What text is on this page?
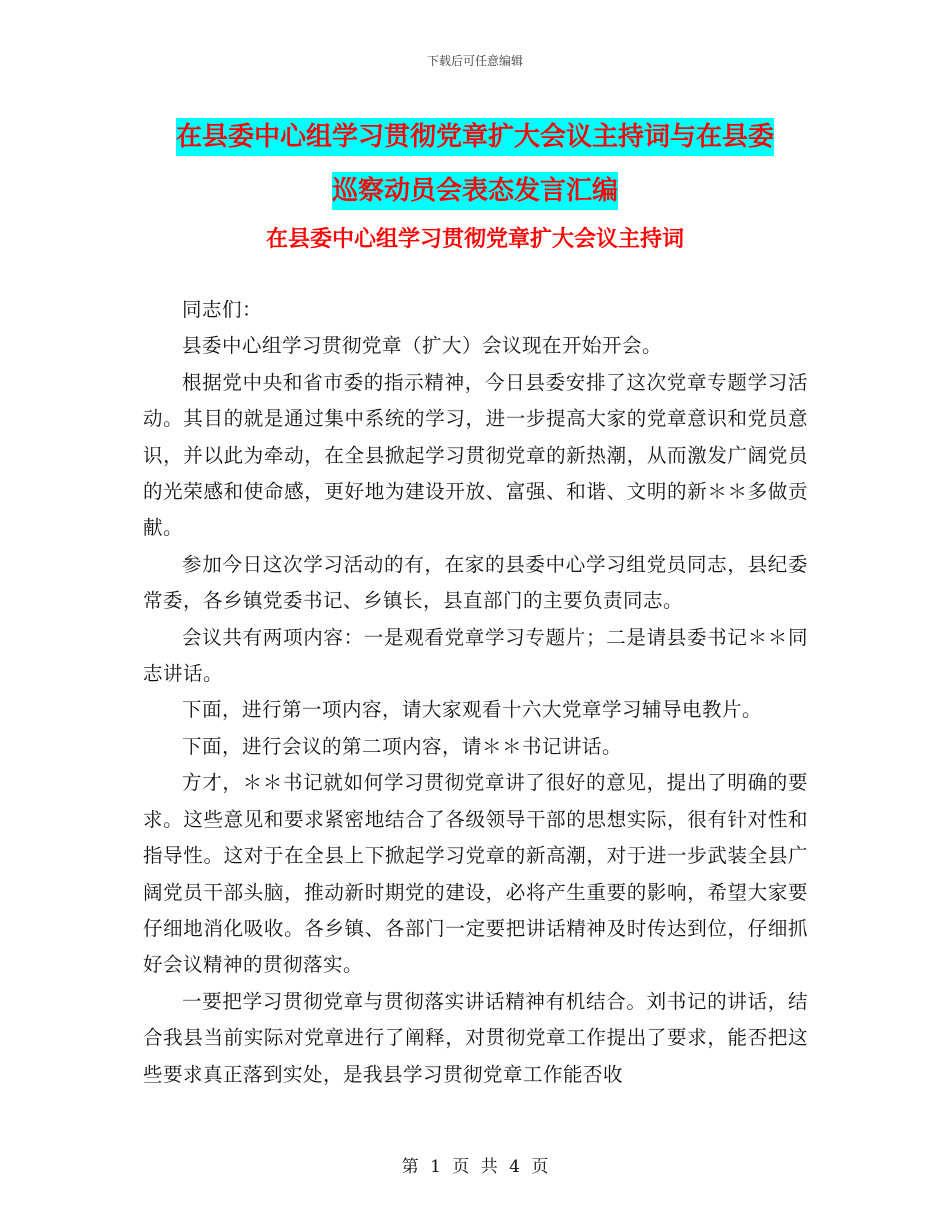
下载后可任意编辑
在县委中心组学习贯彻党章扩大会议主持词与在县委
巡察动员会表态发言汇编
在县委中心组学习贯彻党章扩大会议主持词

同志们：

县委中心组学习贯彻党章（扩大）会议现在开始开会。

根据党中央和省市委的指示精神，今日县委安排了这次党章专题学习活动。其目的就是通过集中系统的学习，进一步提高大家的党章意识和党员意识，并以此为牵动，在全县掀起学习贯彻党章的新热潮，从而激发广阔党员的光荣感和使命感，更好地为建设开放、富强、和谐、文明的新＊＊多做贡献。

参加今日这次学习活动的有，在家的县委中心学习组党员同志，县纪委常委，各乡镇党委书记、乡镇长，县直部门的主要负责同志。

会议共有两项内容：一是观看党章学习专题片；二是请县委书记＊＊同志讲话。

下面，进行第一项内容，请大家观看十六大党章学习辅导电教片。

下面，进行会议的第二项内容，请＊＊书记讲话。

方才，＊＊书记就如何学习贯彻党章讲了很好的意见，提出了明确的要求。这些意见和要求紧密地结合了各级领导干部的思想实际，很有针对性和指导性。这对于在全县上下掀起学习党章的新高潮，对于进一步武装全县广阔党员干部头脑，推动新时期党的建设，必将产生重要的影响，希望大家要仔细地消化吸收。各乡镇、各部门一定要把讲话精神及时传达到位，仔细抓好会议精神的贯彻落实。

一要把学习贯彻党章与贯彻落实讲话精神有机结合。刘书记的讲话，结合我县当前实际对党章进行了阐释，对贯彻党章工作提出了要求，能否把这些要求真正落到实处，是我县学习贯彻党章工作能否收

第 1 页 共 4 页
